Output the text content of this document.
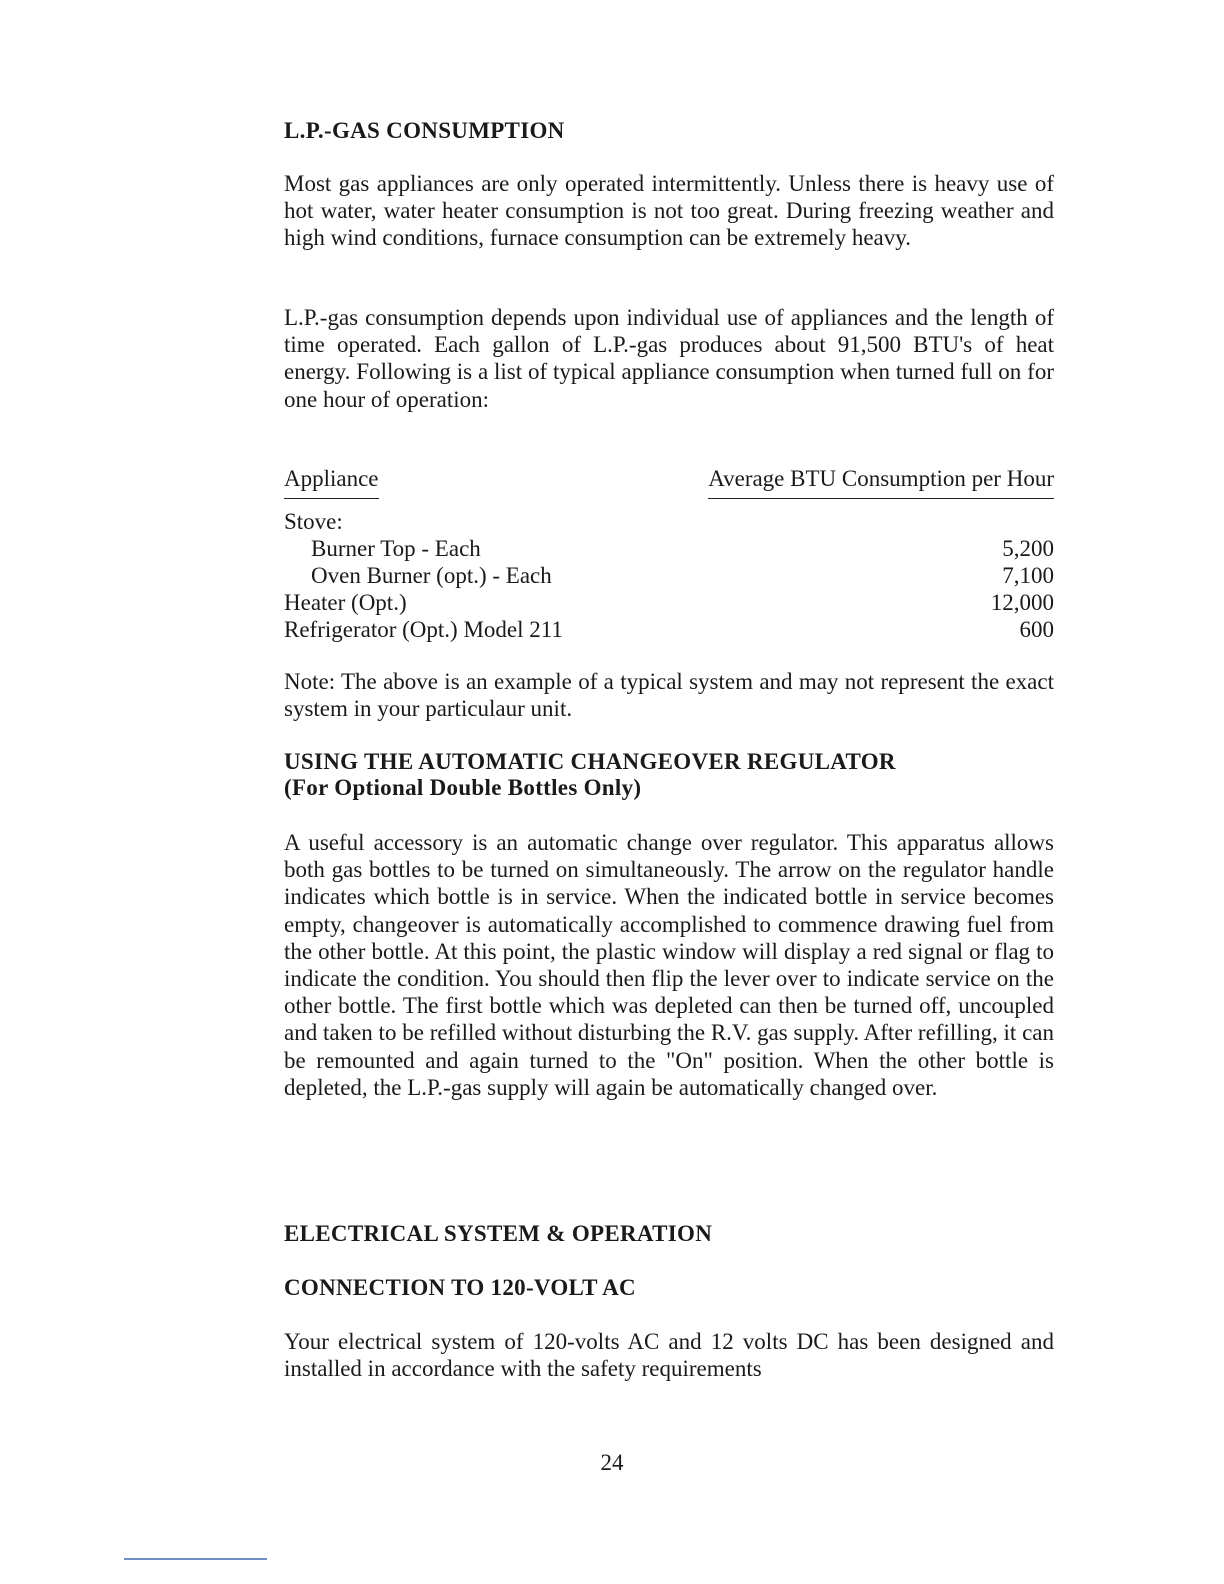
L.P.-GAS CONSUMPTION

Most gas appliances are only operated intermittently. Unless there is heavy use of hot water, water heater consumption is not too great. During freezing weather and high wind conditions, furnace consumption can be extremely heavy.

L.P.-gas consumption depends upon individual use of appliances and the length of time operated. Each gallon of L.P.-gas produces about 91,500 BTU's of heat energy. Following is a list of typical appliance consumption when turned full on for one hour of operation:

Appliance	Average BTU Consumption per Hour
Stove:
Burner Top - Each	5,200
Oven Burner (opt.) - Each	7,100
Heater (Opt.)	12,000
Refrigerator (Opt.) Model 211	600

Note: The above is an example of a typical system and may not represent the exact system in your particulaur unit.

USING THE AUTOMATIC CHANGEOVER REGULATOR

(For Optional Double Bottles Only)

A useful accessory is an automatic change over regulator. This apparatus allows both gas bottles to be turned on simultaneously. The arrow on the regulator handle indicates which bottle is in service. When the indicated bottle in service becomes empty, changeover is automatically accomplished to commence drawing fuel from the other bottle. At this point, the plastic window will display a red signal or flag to indicate the condition. You should then flip the lever over to indicate service on the other bottle. The first bottle which was depleted can then be turned off, uncoupled and taken to be refilled without disturbing the R.V. gas supply. After refilling, it can be remounted and again turned to the "On" position. When the other bottle is depleted, the L.P.-gas supply will again be automatically changed over.

ELECTRICAL SYSTEM & OPERATION

CONNECTION TO 120-VOLT AC

Your electrical system of 120-volts AC and 12 volts DC has been designed and installed in accordance with the safety requirements

24
